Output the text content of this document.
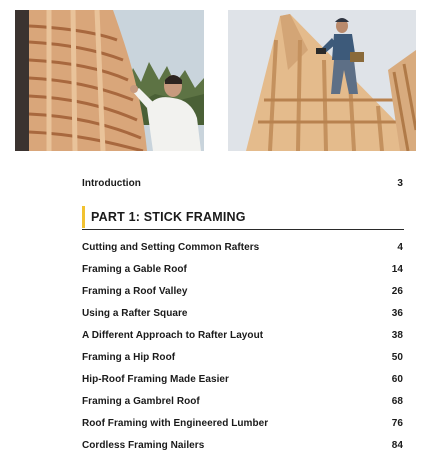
Introduction	3
PART 1: STICK FRAMING
Cutting and Setting Common Rafters	4
Framing a Gable Roof	14
Framing a Roof Valley	26
Using a Rafter Square	36
A Different Approach to Rafter Layout	38
Framing a Hip Roof	50
Hip-Roof Framing Made Easier	60
Framing a Gambrel Roof	68
Roof Framing with Engineered Lumber	76
Cordless Framing Nailers	84
